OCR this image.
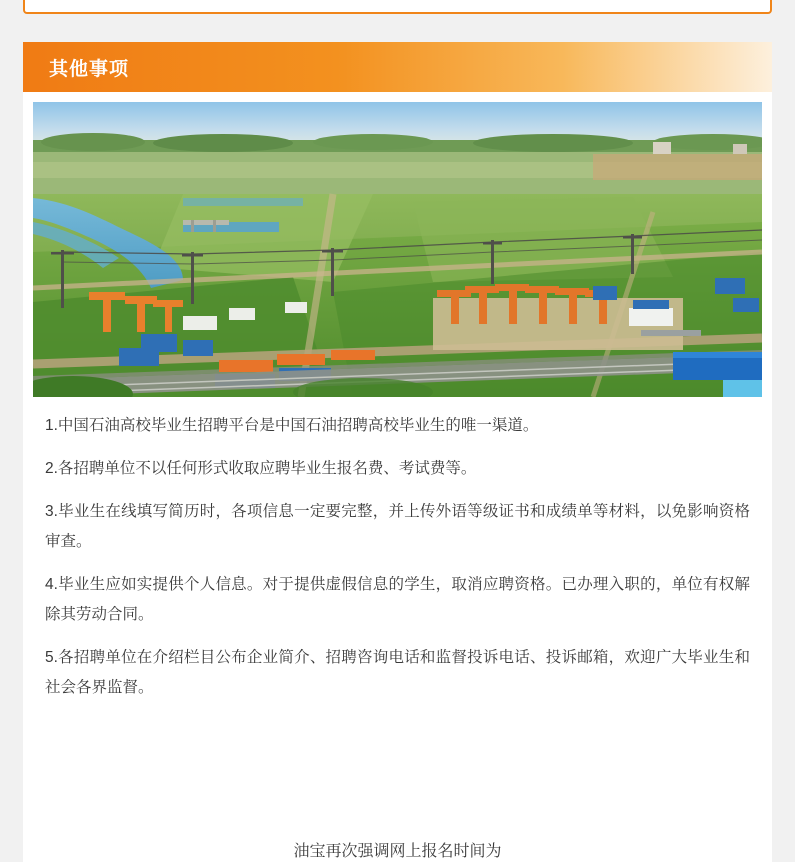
其他事项

1.中国石油高校毕业生招聘平台是中国石油招聘高校毕业生的唯一渠道。

2.各招聘单位不以任何形式收取应聘毕业生报名费、考试费等。

3.毕业生在线填写简历时，各项信息一定要完整，并上传外语等级证书和成绩单等材料，以免影响资格审查。

4.毕业生应如实提供个人信息。对于提供虚假信息的学生，取消应聘资格。已办理入职的，单位有权解除其劳动合同。

5.各招聘单位在介绍栏目公布企业简介、招聘咨询电话和监督投诉电话、投诉邮箱，欢迎广大毕业生和社会各界监督。

油宝再次强调网上报名时间为
